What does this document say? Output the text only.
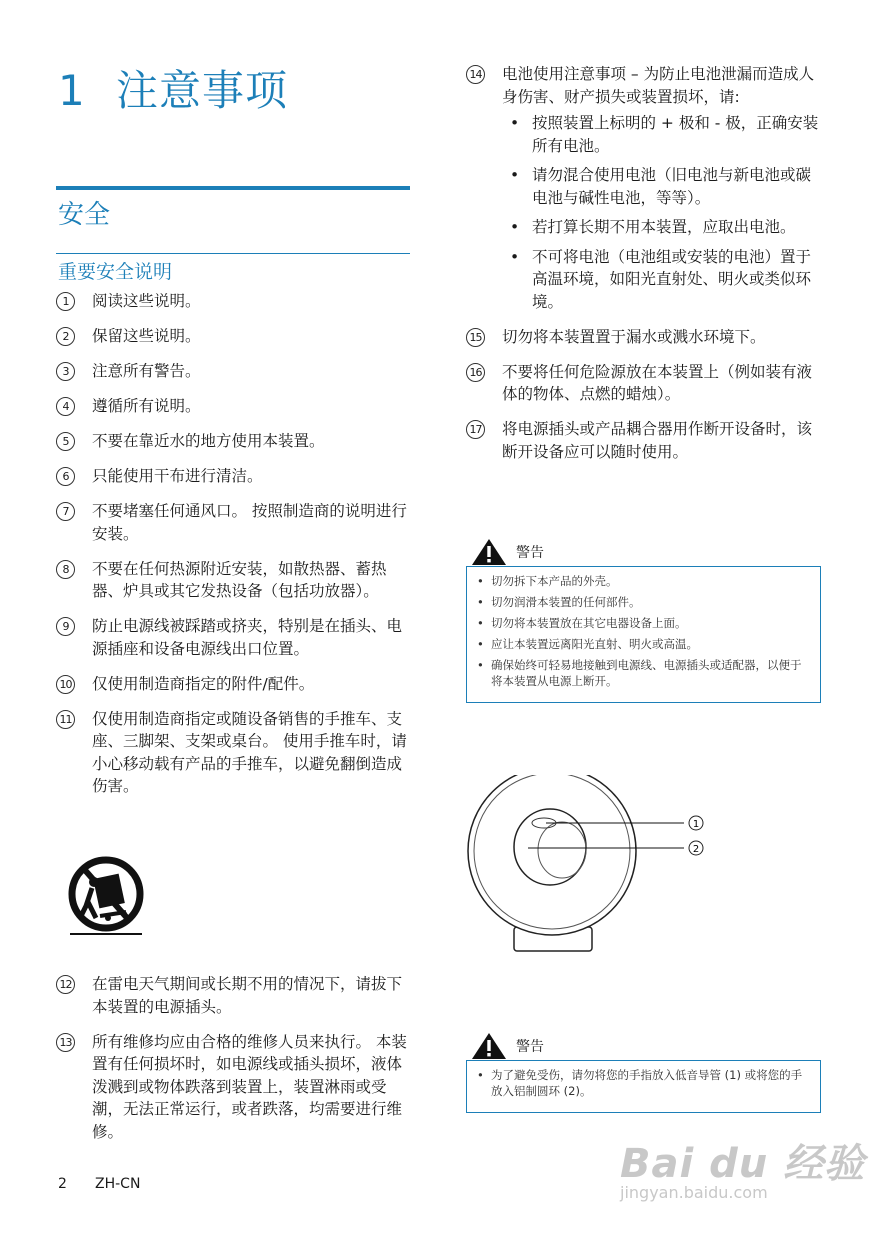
1 注意事项
安全
重要安全说明
1	阅读这些说明。
2	保留这些说明。
3	注意所有警告。
4	遵循所有说明。
5	不要在靠近水的地方使用本装置。
6	只能使用干布进行清洁。
7	不要堵塞任何通风口。 按照制造商的说明进行安装。
8	不要在任何热源附近安装，如散热器、蓄热器、炉具或其它发热设备（包括功放器）。
9	防止电源线被踩踏或挤夹，特别是在插头、电源插座和设备电源线出口位置。
10 仅使用制造商指定的附件/配件。
11 仅使用制造商指定或随设备销售的手推车、支座、三脚架、支架或桌台。 使用手推车时，请小心移动载有产品的手推车，以避免翻倒造成伤害。
12 在雷电天气期间或长期不用的情况下，请拔下本装置的电源插头。
13 所有维修均应由合格的维修人员来执行。 本装置有任何损坏时，如电源线或插头损坏，液体泼溅到或物体跌落到装置上，装置淋雨或受潮，无法正常运行，或者跌落，均需要进行维修。
14 电池使用注意事项 – 为防止电池泄漏而造成人身伤害、财产损失或装置损坏，请:
• 按照装置上标明的 + 极和 - 极，正确安装所有电池。
• 请勿混合使用电池（旧电池与新电池或碳电池与碱性电池，等等）。
• 若打算长期不用本装置，应取出电池。
• 不可将电池（电池组或安装的电池）置于高温环境，如阳光直射处、明火或类似环境。
15 切勿将本装置置于漏水或溅水环境下。
16 不要将任何危险源放在本装置上（例如装有液体的物体、点燃的蜡烛）。
17 将电源插头或产品耦合器用作断开设备时，该断开设备应可以随时使用。
警告
• 切勿拆下本产品的外壳。
• 切勿润滑本装置的任何部件。
• 切勿将本装置放在其它电器设备上面。
• 应让本装置远离阳光直射、明火或高温。
• 确保始终可轻易地接触到电源线、电源插头或适配器，以便于将本装置从电源上断开。
1
2
警告
• 为了避免受伤，请勿将您的手指放入低音导管 (1) 或将您的手放入铝制圆环 (2)。
2 ZH-CN	Bai du 经验
jingyan.baidu.com
